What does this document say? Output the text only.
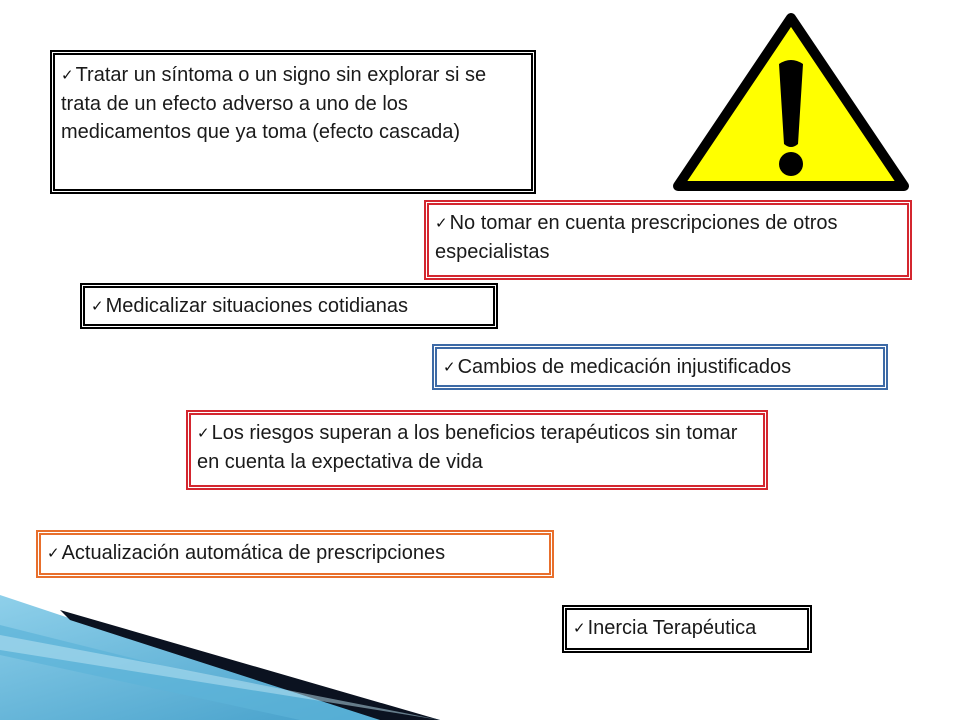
✓ Tratar un síntoma o un signo sin explorar si se trata de un efecto adverso a uno de los medicamentos que ya toma (efecto cascada)
✓ No tomar en cuenta prescripciones de otros especialistas
✓ Medicalizar situaciones cotidianas
✓ Cambios de medicación injustificados
✓ Los riesgos superan a los beneficios terapéuticos sin tomar en cuenta la expectativa de vida
✓ Actualización automática de prescripciones
✓ Inercia Terapéutica
